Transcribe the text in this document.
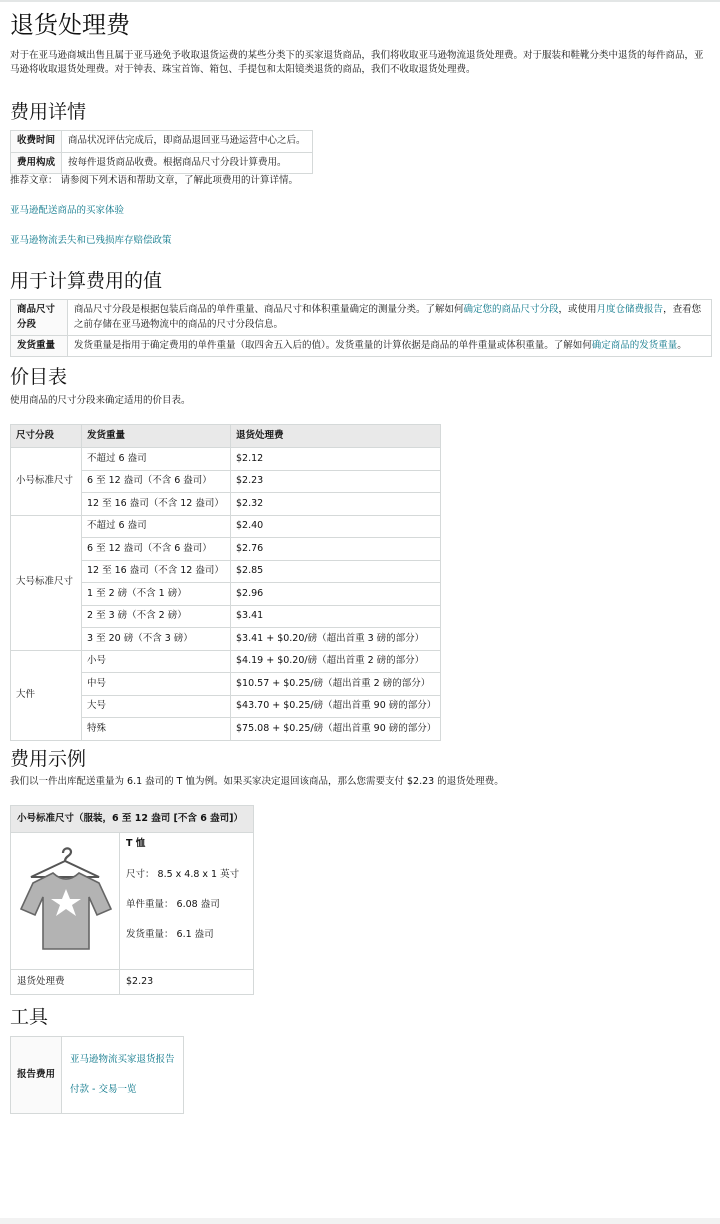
退货处理费

对于在亚马逊商城出售且属于亚马逊免予收取退货运费的某些分类下的买家退货商品，我们将收取亚马逊物流退货处理费。对于服装和鞋靴分类中退货的每件商品，亚马逊将收取退货处理费。对于钟表、珠宝首饰、箱包、手提包和太阳镜类退货的商品，我们不收取退货处理费。

费用详情
收费时间	商品状况评估完成后，即商品退回亚马逊运营中心之后。
费用构成	按每件退货商品收费。根据商品尺寸分段计算费用。

推荐文章： 请参阅下列术语和帮助文章，了解此项费用的计算详情。

亚马逊配送商品的买家体验

亚马逊物流丢失和已残损库存赔偿政策

用于计算费用的值
商品尺寸分段	商品尺寸分段是根据包装后商品的单件重量、商品尺寸和体积重量确定的测量分类。了解如何确定您的商品尺寸分段，或使用月度仓储费报告，查看您之前存储在亚马逊物流中的商品的尺寸分段信息。
发货重量	发货重量是指用于确定费用的单件重量（取四舍五入后的值）。发货重量的计算依据是商品的单件重量或体积重量。了解如何确定商品的发货重量。
价目表

使用商品的尺寸分段来确定适用的价目表。

尺寸分段	发货重量	退货处理费
小号标准尺寸	不超过 6 盎司	$2.12
	6 至 12 盎司（不含 6 盎司）	$2.23
	12 至 16 盎司（不含 12 盎司）	$2.32
大号标准尺寸	不超过 6 盎司	$2.40
	6 至 12 盎司（不含 6 盎司）	$2.76
	12 至 16 盎司（不含 12 盎司）	$2.85
	1 至 2 磅（不含 1 磅）	$2.96
	2 至 3 磅（不含 2 磅）	$3.41
	3 至 20 磅（不含 3 磅）	$3.41 + $0.20/磅（超出首重 3 磅的部分）
大件	小号	$4.19 + $0.20/磅（超出首重 2 磅的部分）
	中号	$10.57 + $0.25/磅（超出首重 2 磅的部分）
	大号	$43.70 + $0.25/磅（超出首重 90 磅的部分）
	特殊	$75.08 + $0.25/磅（超出首重 90 磅的部分）
费用示例

我们以一件出库配送重量为 6.1 盎司的 T 恤为例。如果买家决定退回该商品，那么您需要支付 $2.23 的退货处理费。

小号标准尺寸（服装，6 至 12 盎司 [不含 6 盎司]）	

T 恤
尺寸： 8.5 x 4.8 x 1 英寸
单件重量： 6.08 盎司
发货重量： 6.1 盎司

退货处理费	$2.23
工具
报告费用	
亚马逊物流买家退货报告
付款 - 交易一览
